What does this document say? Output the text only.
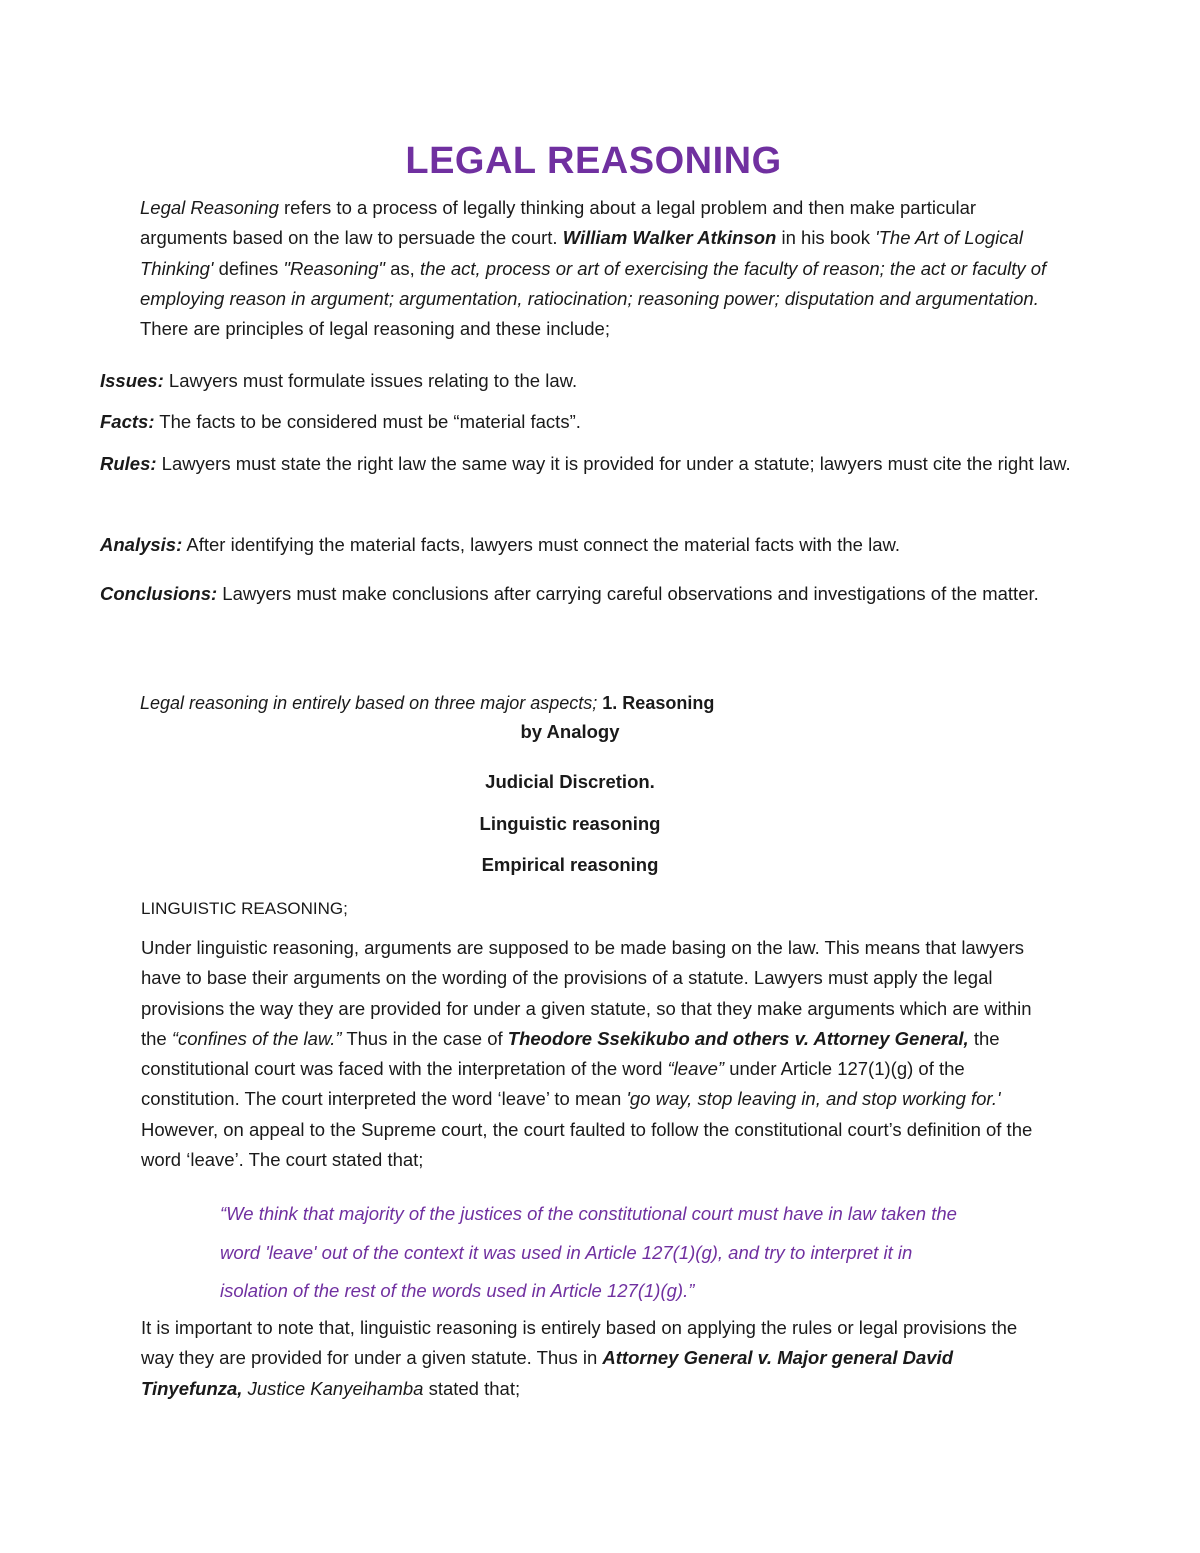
LEGAL REASONING
Legal Reasoning refers to a process of legally thinking about a legal problem and then make particular arguments based on the law to persuade the court. William Walker Atkinson in his book 'The Art of Logical Thinking' defines "Reasoning" as, the act, process or art of exercising the faculty of reason; the act or faculty of employing reason in argument; argumentation, ratiocination; reasoning power; disputation and argumentation. There are principles of legal reasoning and these include;
Issues: Lawyers must formulate issues relating to the law.
Facts: The facts to be considered must be “material facts”.
Rules: Lawyers must state the right law the same way it is provided for under a statute; lawyers must cite the right law.
Analysis: After identifying the material facts, lawyers must connect the material facts with the law.
Conclusions: Lawyers must make conclusions after carrying careful observations and investigations of the matter.
Legal reasoning in entirely based on three major aspects; 1. Reasoning
by Analogy
Judicial Discretion.
Linguistic reasoning
Empirical reasoning
LINGUISTIC REASONING;
Under linguistic reasoning, arguments are supposed to be made basing on the law. This means that lawyers have to base their arguments on the wording of the provisions of a statute. Lawyers must apply the legal provisions the way they are provided for under a given statute, so that they make arguments which are within the “confines of the law.” Thus in the case of Theodore Ssekikubo and others v. Attorney General, the constitutional court was faced with the interpretation of the word “leave” under Article 127(1)(g) of the constitution. The court interpreted the word ‘leave’ to mean 'go way, stop leaving in, and stop working for.' However, on appeal to the Supreme court, the court faulted to follow the constitutional court’s definition of the word ‘leave’. The court stated that;
“We think that majority of the justices of the constitutional court must have in law taken the word 'leave' out of the context it was used in Article 127(1)(g), and try to interpret it in isolation of the rest of the words used in Article 127(1)(g).”
It is important to note that, linguistic reasoning is entirely based on applying the rules or legal provisions the way they are provided for under a given statute. Thus in Attorney General v. Major general David Tinyefunza, Justice Kanyeihamba stated that;
